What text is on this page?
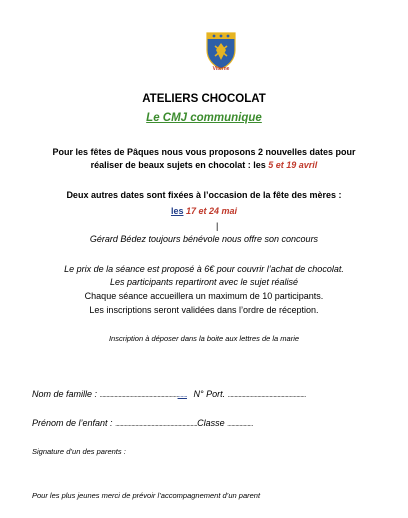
Viterne
ATELIERS CHOCOLAT
Le CMJ communique
Pour les fêtes de Pâques nous vous proposons 2 nouvelles dates pour
réaliser de beaux sujets en chocolat : les 5 et 19 avril
Deux autres dates sont fixées à l’occasion de la fête des mères :
les 17 et 24 mai
|
Gérard Bédez toujours bénévole nous offre son concours
Le prix de la séance est proposé à 6€ pour couvrir l’achat de chocolat.
Les participants repartiront avec le sujet réalisé
Chaque séance accueillera un maximum de 10 participants.
Les inscriptions seront validées dans l’ordre de réception.
Inscription à déposer dans la boite aux lettres de la marie
Nom de famille : ................................................................. N° Port. ..........................................................
Prénom de l’enfant : .............................................................Classe ...................
Signature d’un des parents :
Pour les plus jeunes merci de prévoir l’accompagnement d’un parent
